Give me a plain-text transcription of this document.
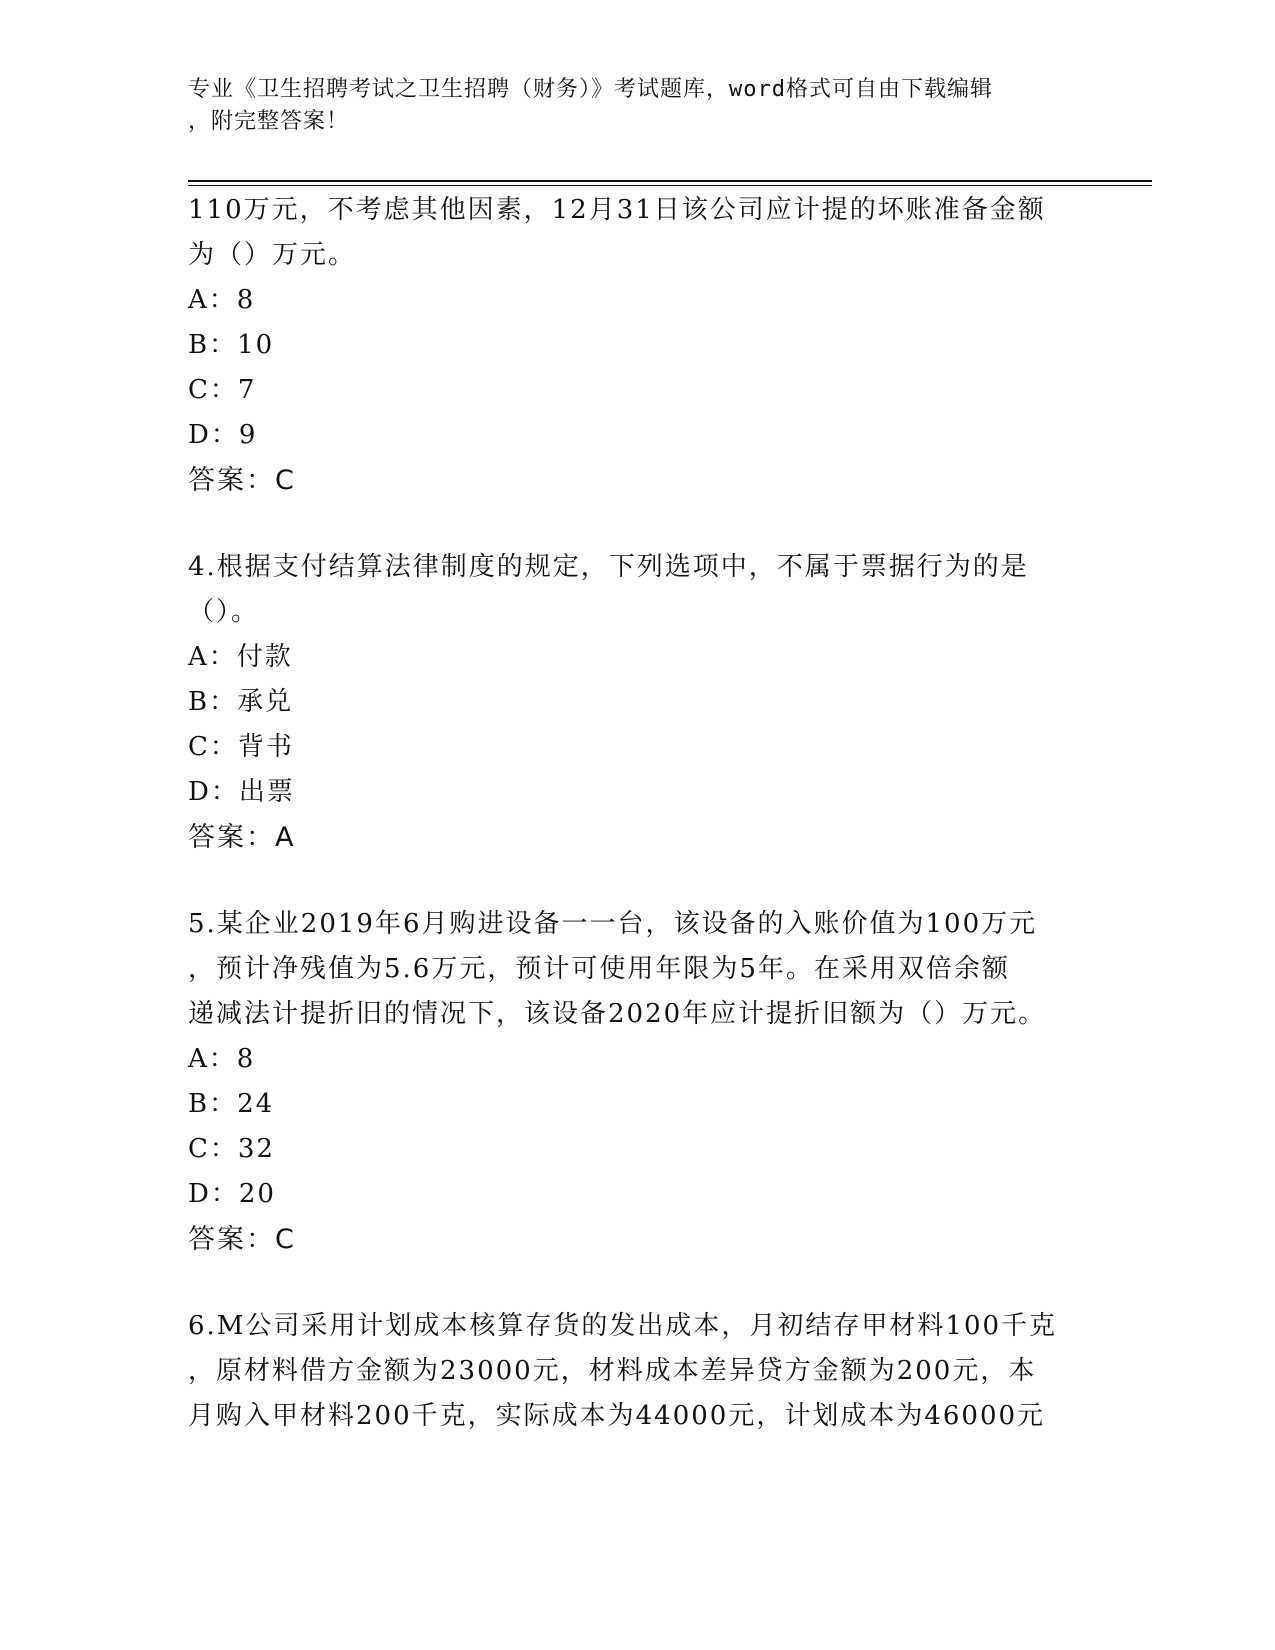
专业《卫生招聘考试之卫生招聘（财务）》考试题库，word格式可自由下载编辑
，附完整答案！
110万元，不考虑其他因素，12月31日该公司应计提的坏账准备金额
为（）万元。
A：8
B：10
C：7
D：9
答案：C
4.根据支付结算法律制度的规定，下列选项中，不属于票据行为的是
（）。
A：付款
B：承兑
C：背书
D：出票
答案：A
5.某企业2019年6月购进设备一一台，该设备的入账价值为100万元
，预计净残值为5.6万元，预计可使用年限为5年。在采用双倍余额
递减法计提折旧的情况下，该设备2020年应计提折旧额为（）万元。
A：8
B：24
C：32
D：20
答案：C
6.M公司采用计划成本核算存货的发出成本，月初结存甲材料100千克
，原材料借方金额为23000元，材料成本差异贷方金额为200元，本
月购入甲材料200千克，实际成本为44000元，计划成本为46000元
